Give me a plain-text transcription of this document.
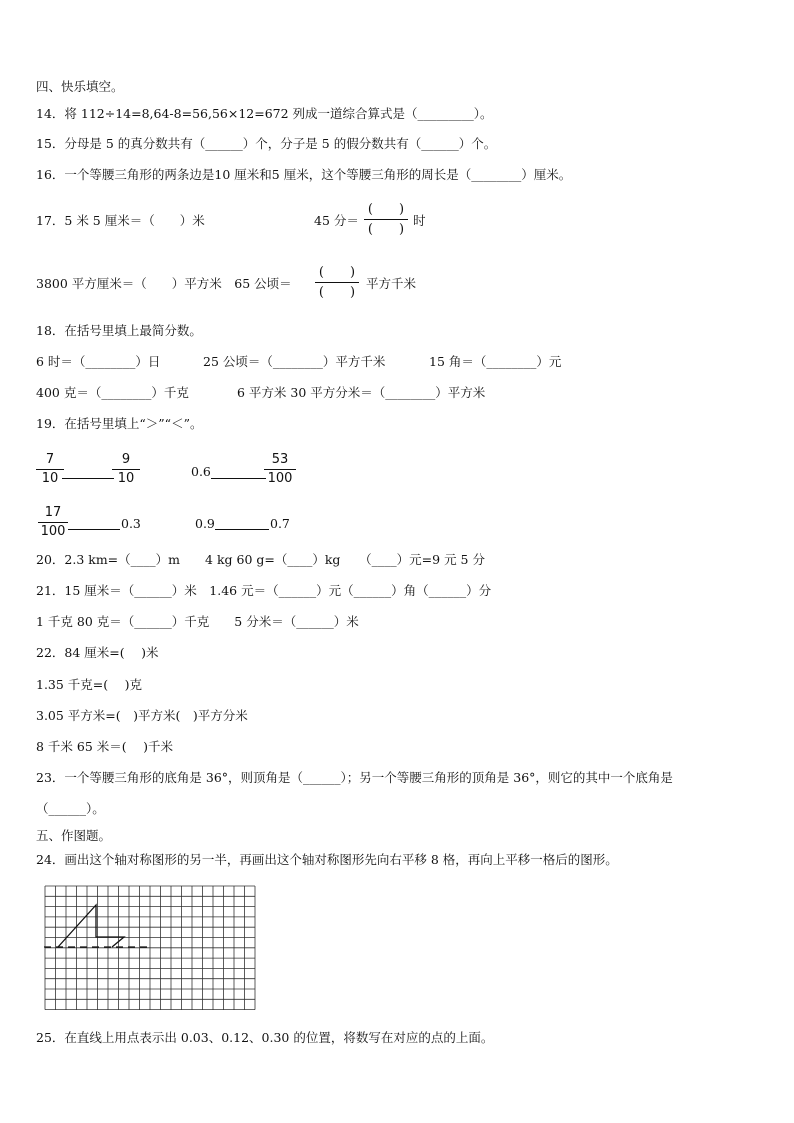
四、快乐填空。
14．将 112÷14=8,64-8=56,56×12=672 列成一道综合算式是（_________）。
15．分母是 5 的真分数共有（______）个，分子是 5 的假分数共有（______）个。
16．一个等腰三角形的两条边是10 厘米和5 厘米，这个等腰三角形的周长是（________）厘米。
17．5 米 5 厘米＝（　　）米	45 分＝
(　　)
(　　)
时
3800 平方厘米＝（　　）平方米　65 公顷＝
(　　)
(　　)
平方千米
18．在括号里填上最简分数。
6 时＝（________）日	25 公顷＝（________）平方千米	15 角＝（________）元
400 克＝（________）千克	6 平方米 30 平方分米＝（________）平方米
19．在括号里填上“＞”“＜”。
7
10
9
10	0.6
53
100
17
100
0.3	0.9	0.7
20．2.3 km=（____）m　　4 kg 60 g=（____）kg　　（____）元=9 元 5 分
21．15 厘米＝（______）米　1.46 元＝（______）元（______）角（______）分
1 千克 80 克＝（______）千克　　5 分米＝（______）米
22．84 厘米=(　 )米
1.35 千克=(　 )克
3.05 平方米=(　)平方米(　)平方分米
8 千米 65 米＝(　 )千米
23．一个等腰三角形的底角是 36°，则顶角是（______）；另一个等腰三角形的顶角是 36°，则它的其中一个底角是
（______）。
五、作图题。
24．画出这个轴对称图形的另一半，再画出这个轴对称图形先向右平移 8 格，再向上平移一格后的图形。
25．在直线上用点表示出 0.03、0.12、0.30 的位置，将数写在对应的点的上面。
